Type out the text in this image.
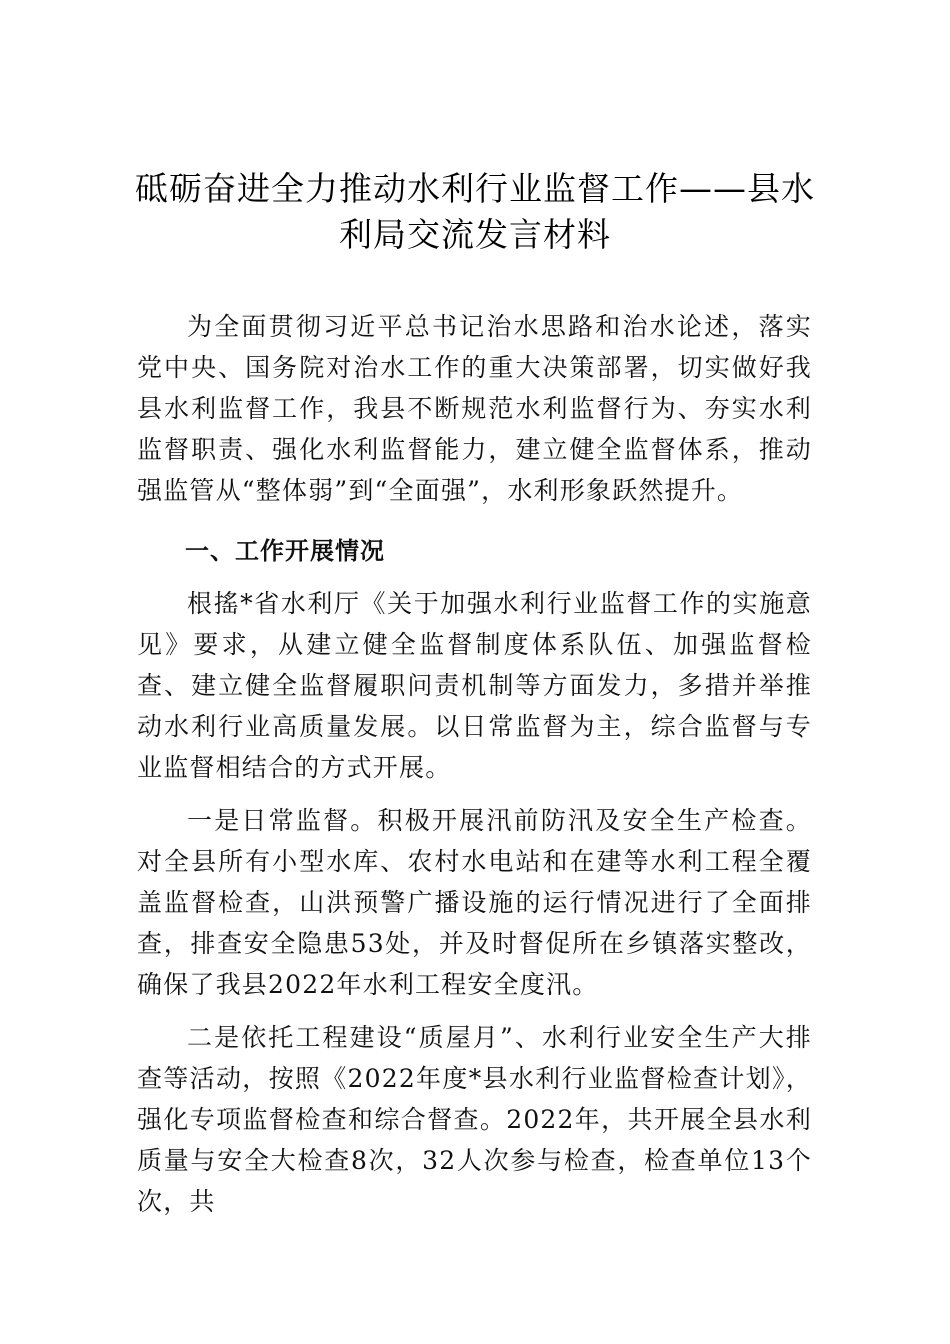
砥砺奋进全力推动水利行业监督工作——县水利局交流发言材料

为全面贯彻习近平总书记治水思路和治水论述，落实党中央、国务院对治水工作的重大决策部署，切实做好我县水利监督工作，我县不断规范水利监督行为、夯实水利监督职责、强化水利监督能力，建立健全监督体系，推动强监管从“整体弱”到“全面强”，水利形象跃然提升。

一、工作开展情况

根搖*省水利厅《关于加强水利行业监督工作的实施意见》要求，从建立健全监督制度体系队伍、加强监督检查、建立健全监督履职问责机制等方面发力，多措并举推动水利行业高质量发展。以日常监督为主，综合监督与专业监督相结合的方式开展。

一是日常监督。积极开展汛前防汛及安全生产检查。对全县所有小型水库、农村水电站和在建等水利工程全覆盖监督检查，山洪预警广播设施的运行情况进行了全面排查，排查安全隐患53处，并及时督促所在乡镇落实整改，确保了我县2022年水利工程安全度汛。

二是依托工程建设“质屋月”、水利行业安全生产大排查等活动，按照《2022年度*县水利行业监督检查计划》，强化专项监督检查和综合督查。2022年，共开展全县水利质量与安全大检查8次，32人次参与检查，检查单位13个次，共
